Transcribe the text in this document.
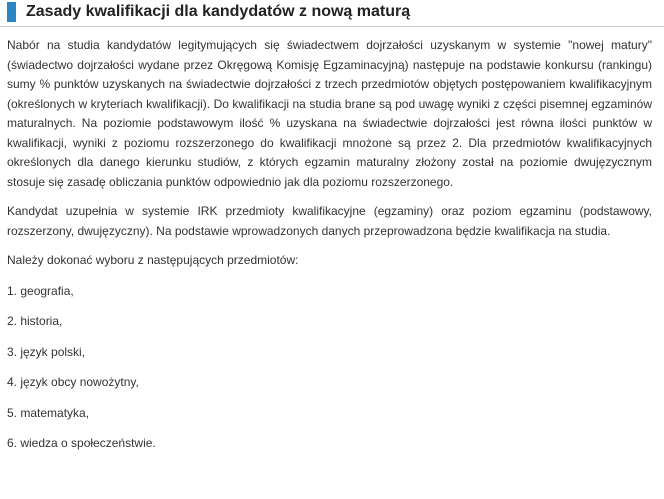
Zasady kwalifikacji dla kandydatów z nową maturą

Nabór na studia kandydatów legitymujących się świadectwem dojrzałości uzyskanym w systemie "nowej matury" (świadectwo dojrzałości wydane przez Okręgową Komisję Egzaminacyjną) następuje na podstawie konkursu (rankingu) sumy % punktów uzyskanych na świadectwie dojrzałości z trzech przedmiotów objętych postępowaniem kwalifikacyjnym (określonych w kryteriach kwalifikacji). Do kwalifikacji na studia brane są pod uwagę wyniki z części pisemnej egzaminów maturalnych. Na poziomie podstawowym ilość % uzyskana na świadectwie dojrzałości jest równa ilości punktów w kwalifikacji, wyniki z poziomu rozszerzonego do kwalifikacji mnożone są przez 2. Dla przedmiotów kwalifikacyjnych określonych dla danego kierunku studiów, z których egzamin maturalny złożony został na poziomie dwujęzycznym stosuje się zasadę obliczania punktów odpowiednio jak dla poziomu rozszerzonego.

Kandydat uzupełnia w systemie IRK przedmioty kwalifikacyjne (egzaminy) oraz poziom egzaminu (podstawowy, rozszerzony, dwujęzyczny). Na podstawie wprowadzonych danych przeprowadzona będzie kwalifikacja na studia.

Należy dokonać wyboru z następujących przedmiotów:

1. geografia,
2. historia,
3. język polski,
4. język obcy nowożytny,
5. matematyka,
6. wiedza o społeczeństwie.
